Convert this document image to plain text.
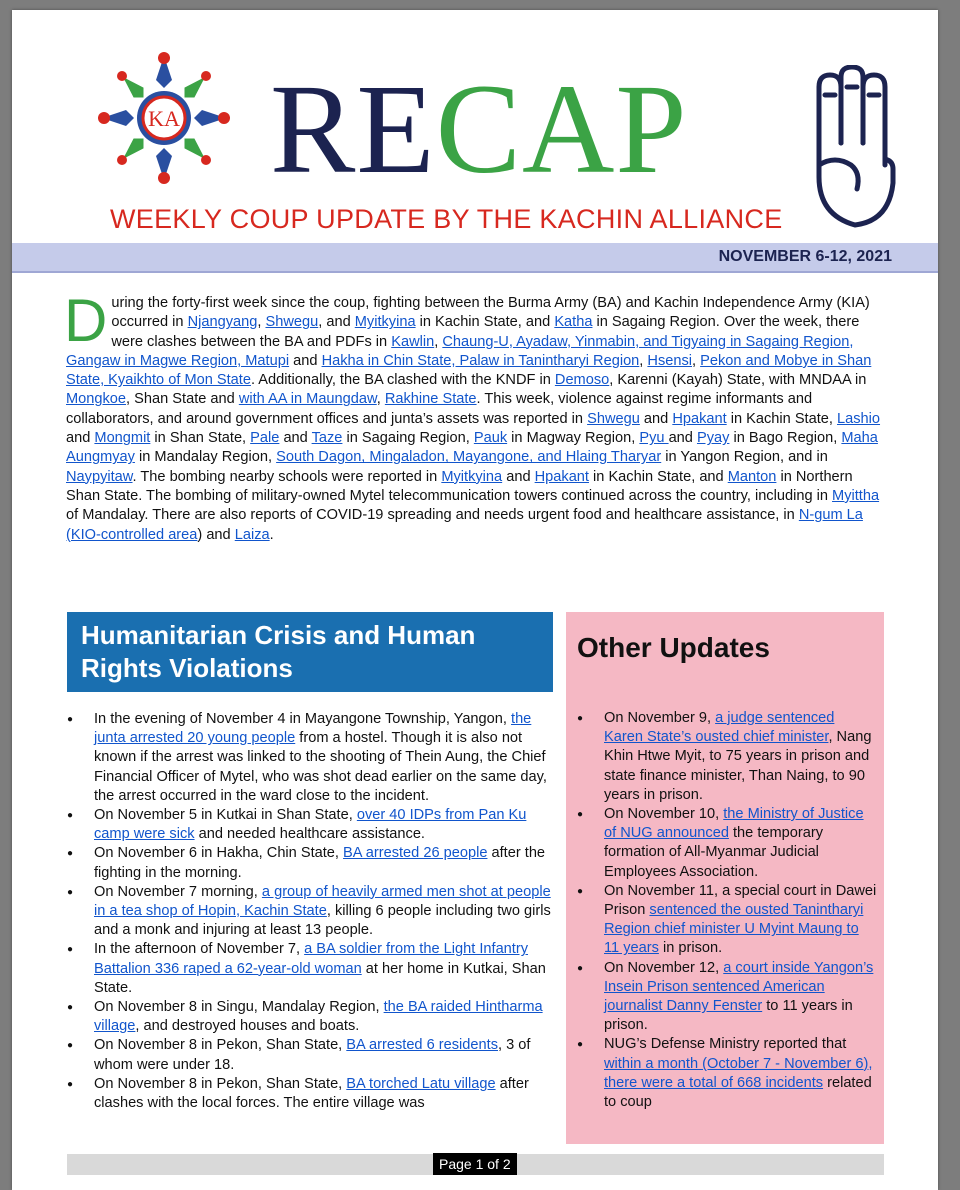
KA RECAP
WEEKLY COUP UPDATE BY THE KACHIN ALLIANCE
NOVEMBER 6-12, 2021
During the forty-first week since the coup, fighting between the Burma Army (BA) and Kachin Independence Army (KIA) occurred in Njangyang, Shwegu, and Myitkyina in Kachin State, and Katha in Sagaing Region. Over the week, there were clashes between the BA and PDFs in Kawlin, Chaung-U, Ayadaw, Yinmabin, and Tigyaing in Sagaing Region, Gangaw in Magwe Region, Matupi and Hakha in Chin State, Palaw in Tanintharyi Region, Hsensi, Pekon and Mobye in Shan State, Kyaikhto of Mon State. Additionally, the BA clashed with the KNDF in Demoso, Karenni (Kayah) State, with MNDAA in Mongkoe, Shan State and with AA in Maungdaw, Rakhine State. This week, violence against regime informants and collaborators, and around government offices and junta’s assets was reported in Shwegu and Hpakant in Kachin State, Lashio and Mongmit in Shan State, Pale and Taze in Sagaing Region, Pauk in Magway Region, Pyu and Pyay in Bago Region, Maha Aungmyay in Mandalay Region, South Dagon, Mingaladon, Mayangone, and Hlaing Tharyar in Yangon Region, and in Naypyitaw. The bombing nearby schools were reported in Myitkyina and Hpakant in Kachin State, and Manton in Northern Shan State. The bombing of military-owned Mytel telecommunication towers continued across the country, including in Myittha of Mandalay. There are also reports of COVID-19 spreading and needs urgent food and healthcare assistance, in N-gum La (KIO-controlled area) and Laiza.
Humanitarian Crisis and Human Rights Violations
● In the evening of November 4 in Mayangone Township, Yangon, the junta arrested 20 young people from a hostel. Though it is also not known if the arrest was linked to the shooting of Thein Aung, the Chief Financial Officer of Mytel, who was shot dead earlier on the same day, the arrest occurred in the ward close to the incident.
● On November 5 in Kutkai in Shan State, over 40 IDPs from Pan Ku camp were sick and needed healthcare assistance.
● On November 6 in Hakha, Chin State, BA arrested 26 people after the fighting in the morning.
● On November 7 morning, a group of heavily armed men shot at people in a tea shop of Hopin, Kachin State, killing 6 people including two girls and a monk and injuring at least 13 people.
● In the afternoon of November 7, a BA soldier from the Light Infantry Battalion 336 raped a 62-year-old woman at her home in Kutkai, Shan State.
● On November 8 in Singu, Mandalay Region, the BA raided Hintharma village, and destroyed houses and boats.
● On November 8 in Pekon, Shan State, BA arrested 6 residents, 3 of whom were under 18.
● On November 8 in Pekon, Shan State, BA torched Latu village after clashes with the local forces. The entire village was
Other Updates
● On November 9, a judge sentenced Karen State’s ousted chief minister, Nang Khin Htwe Myit, to 75 years in prison and state finance minister, Than Naing, to 90 years in prison.
● On November 10, the Ministry of Justice of NUG announced the temporary formation of All-Myanmar Judicial Employees Association.
● On November 11, a special court in Dawei Prison sentenced the ousted Tanintharyi Region chief minister U Myint Maung to 11 years in prison.
● On November 12, a court inside Yangon’s Insein Prison sentenced American journalist Danny Fenster to 11 years in prison.
● NUG’s Defense Ministry reported that within a month (October 7 - November 6), there were a total of 668 incidents related to coup
Page 1 of 2
